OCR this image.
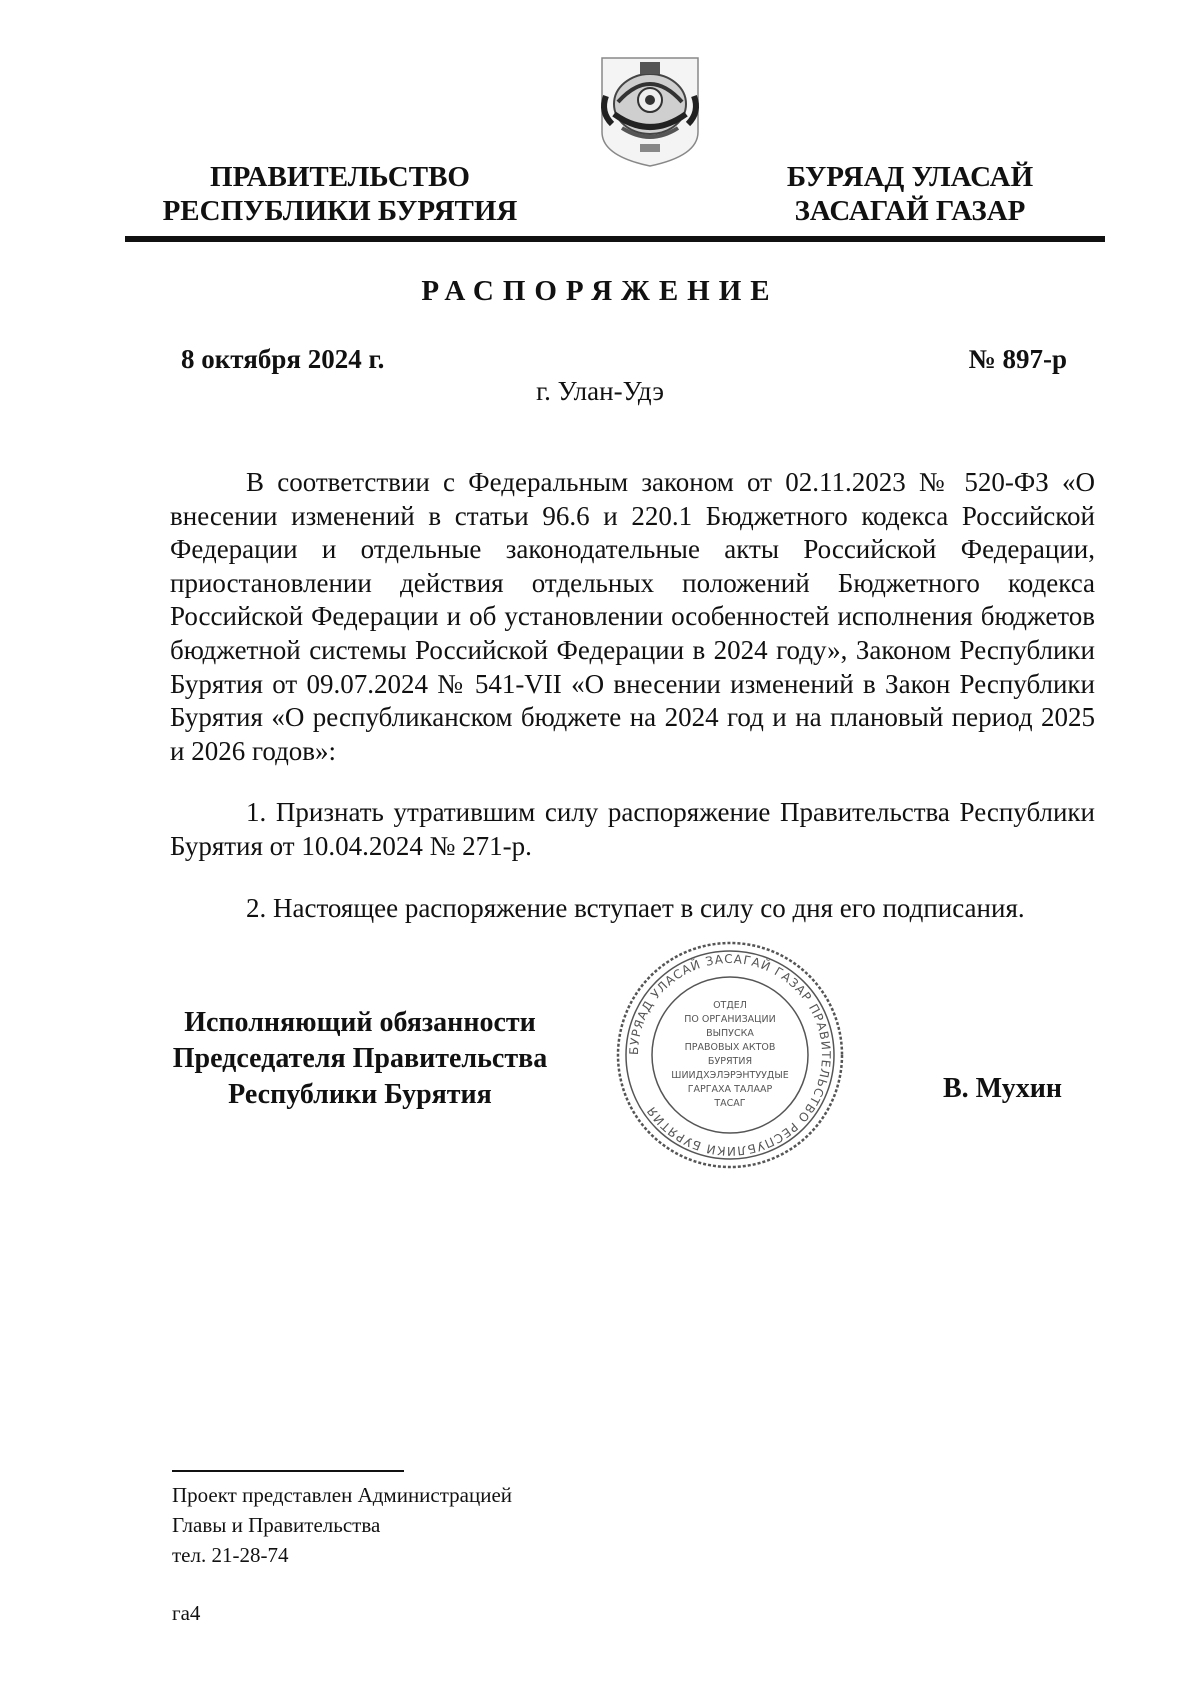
ПРАВИТЕЛЬСТВО
РЕСПУБЛИКИ БУРЯТИЯ
БУРЯАД УЛАСАЙ
ЗАСАГАЙ ГАЗАР
РАСПОРЯЖЕНИЕ
8 октября 2024 г.	№ 897-р
г. Улан-Удэ
В соответствии с Федеральным законом от 02.11.2023 № 520-ФЗ «О внесении изменений в статьи 96.6 и 220.1 Бюджетного кодекса Российской Федерации и отдельные законодательные акты Российской Федерации, приостановлении действия отдельных положений Бюджетного кодекса Российской Федерации и об установлении особенностей исполнения бюджетов бюджетной системы Российской Федерации в 2024 году», Законом Республики Бурятия от 09.07.2024 № 541-VII «О внесении изменений в Закон Республики Бурятия «О республиканском бюджете на 2024 год и на плановый период 2025 и 2026 годов»:
1. Признать утратившим силу распоряжение Правительства Республики Бурятия от 10.04.2024 № 271-р.
2. Настоящее распоряжение вступает в силу со дня его подписания.
Исполняющий обязанности
Председателя Правительства
Республики Бурятия	В. Мухин
БУРЯАД УЛАСАЙ ЗАСАГАЙ ГАЗАР ПРАВИТЕЛЬСТВО РЕСПУБЛИКИ БУРЯТИЯ
ОТДЕЛ
ПО ОРГАНИЗАЦИИ
ВЫПУСКА
ПРАВОВЫХ АКТОВ
БУРЯТИЯ
ШИИДХЭЛЭРЭНТУУДЫЕ
ГАРГАХА ТАЛААР
ТАСАГ
Проект представлен Администрацией
Главы и Правительства
тел. 21-28-74
га4
